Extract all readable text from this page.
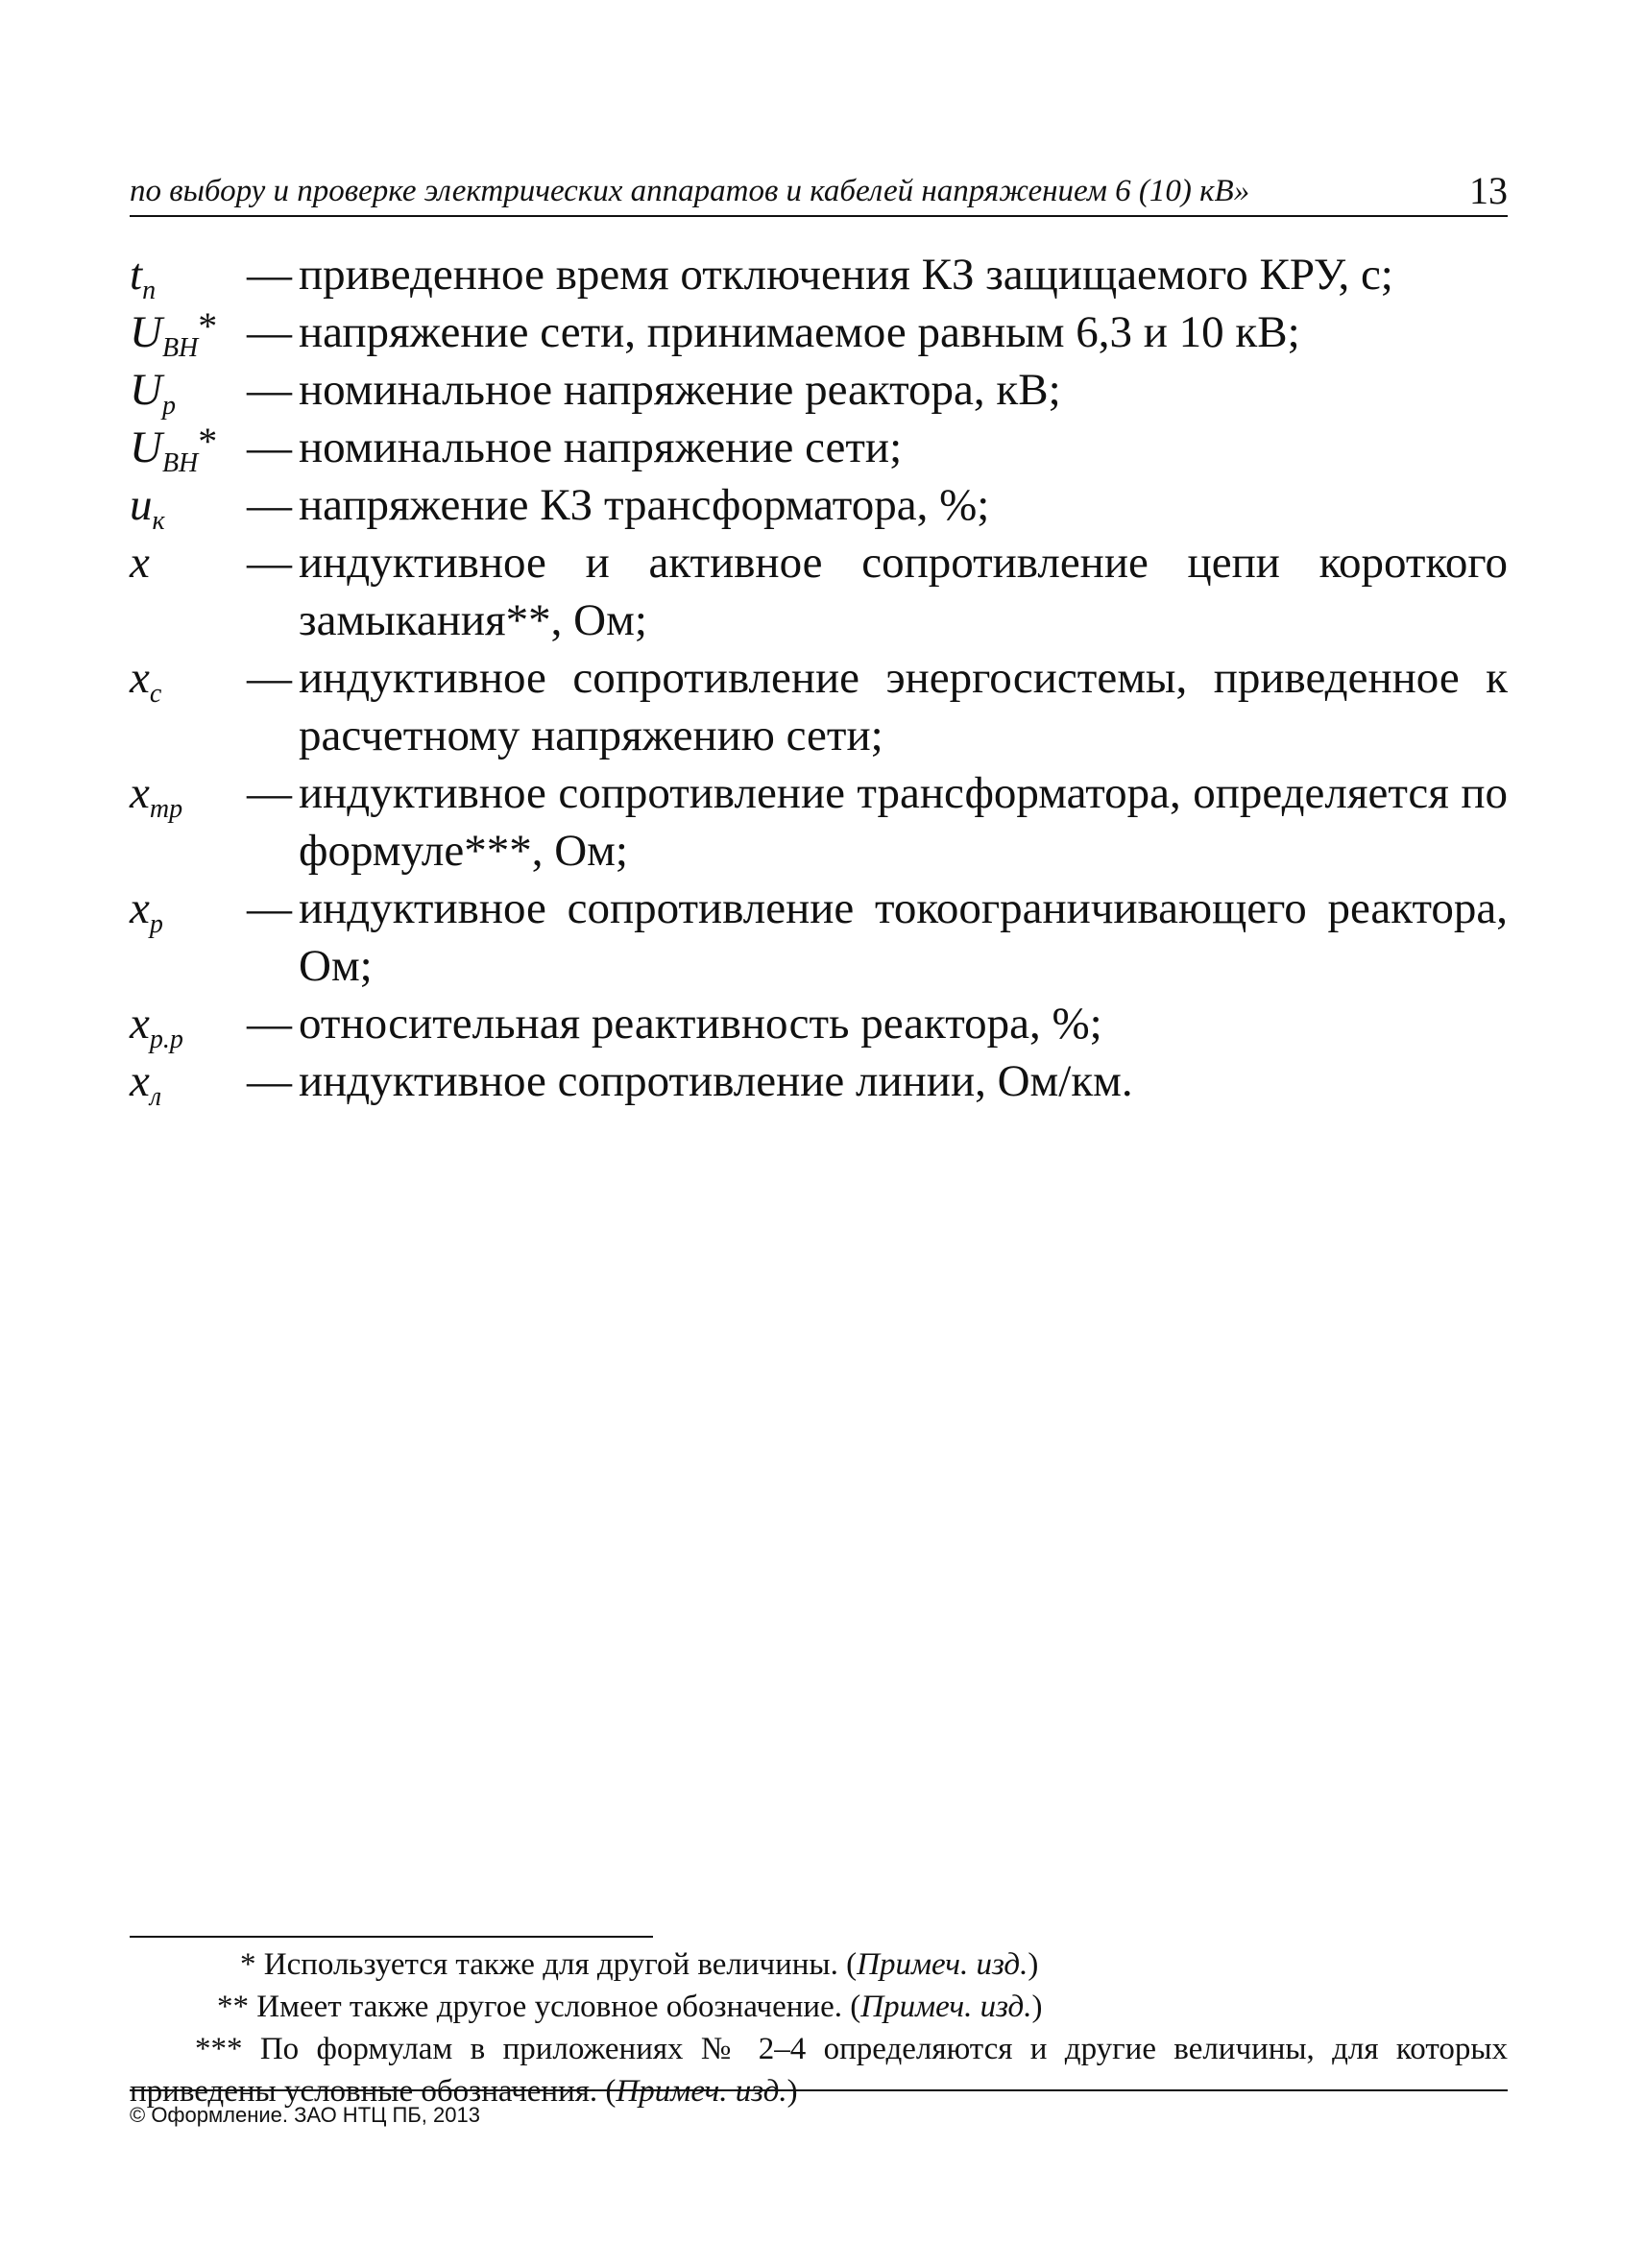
по выбору и проверке электрических аппаратов и кабелей напряжением 6 (10) кВ»	13
$t_п$	— приведенное время отключения КЗ защищаемого КРУ, с;
$U_{ВН}*$ — напряжение сети, принимаемое равным 6,3 и 10 кВ;
$U_р$	— номинальное напряжение реактора, кВ;
$U_{ВН}*$ — номинальное напряжение сети;
$u_к$	— напряжение КЗ трансформатора, %;
x	— индуктивное и активное сопротивление цепи короткого замыкания**, Ом;
$x_с$	— индуктивное сопротивление энергосистемы, приведенное к расчетному напряжению сети;
$x_{тр}$	— индуктивное сопротивление трансформатора, определяется по формуле***, Ом;
$x_р$	— индуктивное сопротивление токоограничивающего реактора, Ом;
$x_{р.р}$	— относительная реактивность реактора, %;
$x_л$	— индуктивное сопротивление линии, Ом/км.
* Используется также для другой величины. (Примеч. изд.)
** Имеет также другое условное обозначение. (Примеч. изд.)
*** По формулам в приложениях № 2–4 определяются и другие величины, для которых приведены условные обозначения. (Примеч. изд.)
© Оформление. ЗАО НТЦ ПБ, 2013
